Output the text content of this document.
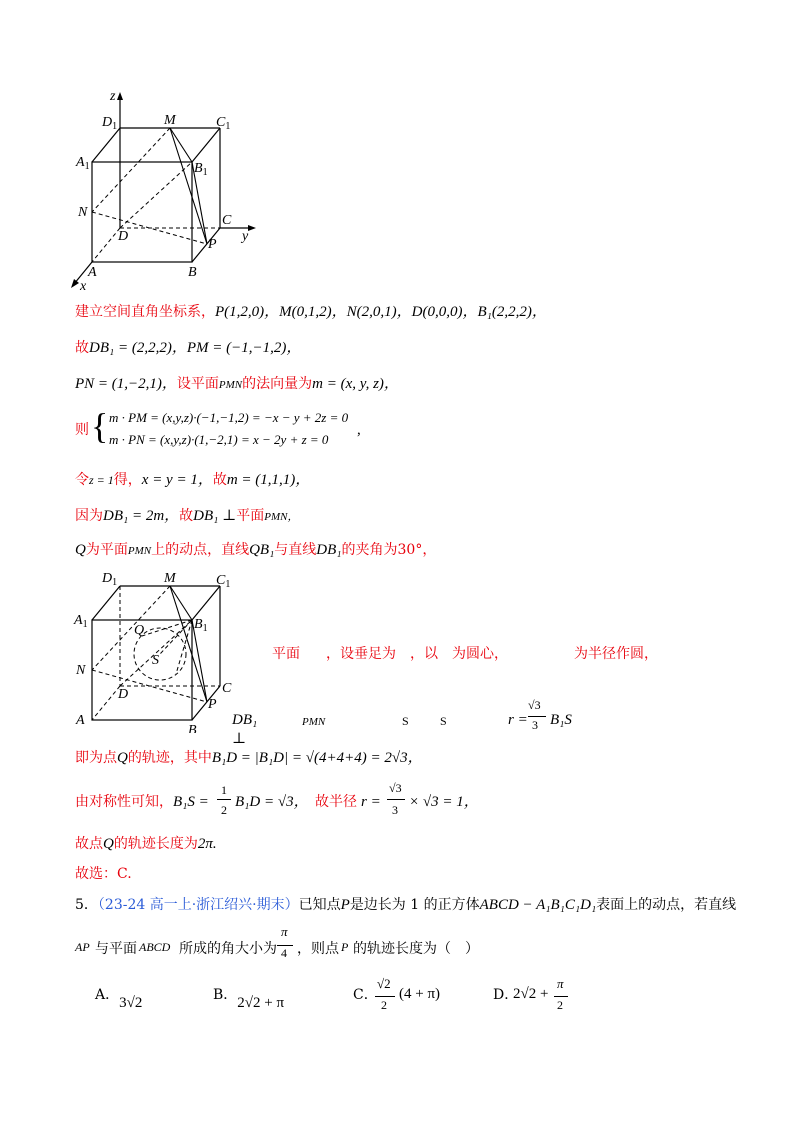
z
$D_1$	M	$C_1$
$A_1$	$B_1$
N
D
C
y
P
A	B
x
建立空间直角坐标系，P(1,2,0)，M(0,1,2)，N(2,0,1)，D(0,0,0)，B₁(2,2,2)，
故DB₁ = (2,2,2)，PM = (−1,−1,2)，
PN = (1,−2,1)，设平面PMN的法向量为m = (x, y, z)，
则 { m · PM = (x,y,z)·(−1,−1,2) = −x − y + 2z = 0
m · PN = (x,y,z)·(1,−2,1) = x − 2y + z = 0
,
令z = 1得，x = y = 1，故m = (1,1,1)，
因为DB₁ = 2m，故DB₁ ⊥平面PMN，
Q为平面PMN上的动点，直线QB₁与直线DB₁的夹角为30°，
$D_1$	M	$C_1$
$A_1$	$B_1$
Q
S
N
D	C
P
A
B
平面 ，设垂足为 ，以 为圆心，	为半径作圆，
DB₁ ⊥
PMN	S	S	r =
√3
3 B₁S
即为点Q的轨迹，其中B₁D = |B₁D| = √(4+4+4) = 2√3，
由对称性可知， B₁S =
1
2 B₁D = √3， 故半径 r =
√3
3 × √3 = 1，
故点Q的轨迹长度为2π.
故选：C.
5．（23-24 高一上·浙江绍兴·期末）已知点P是边长为 1 的正方体ABCD − A₁B₁C₁D₁表面上的动点，若直线
AP 与平面 ABCD 所成的角大小为
π
4 ，则点 P 的轨迹长度为（　）
A．3√2	B．2√2 + π	C．
√2
2
(4 + π)	D．
2√2 +
π
2
